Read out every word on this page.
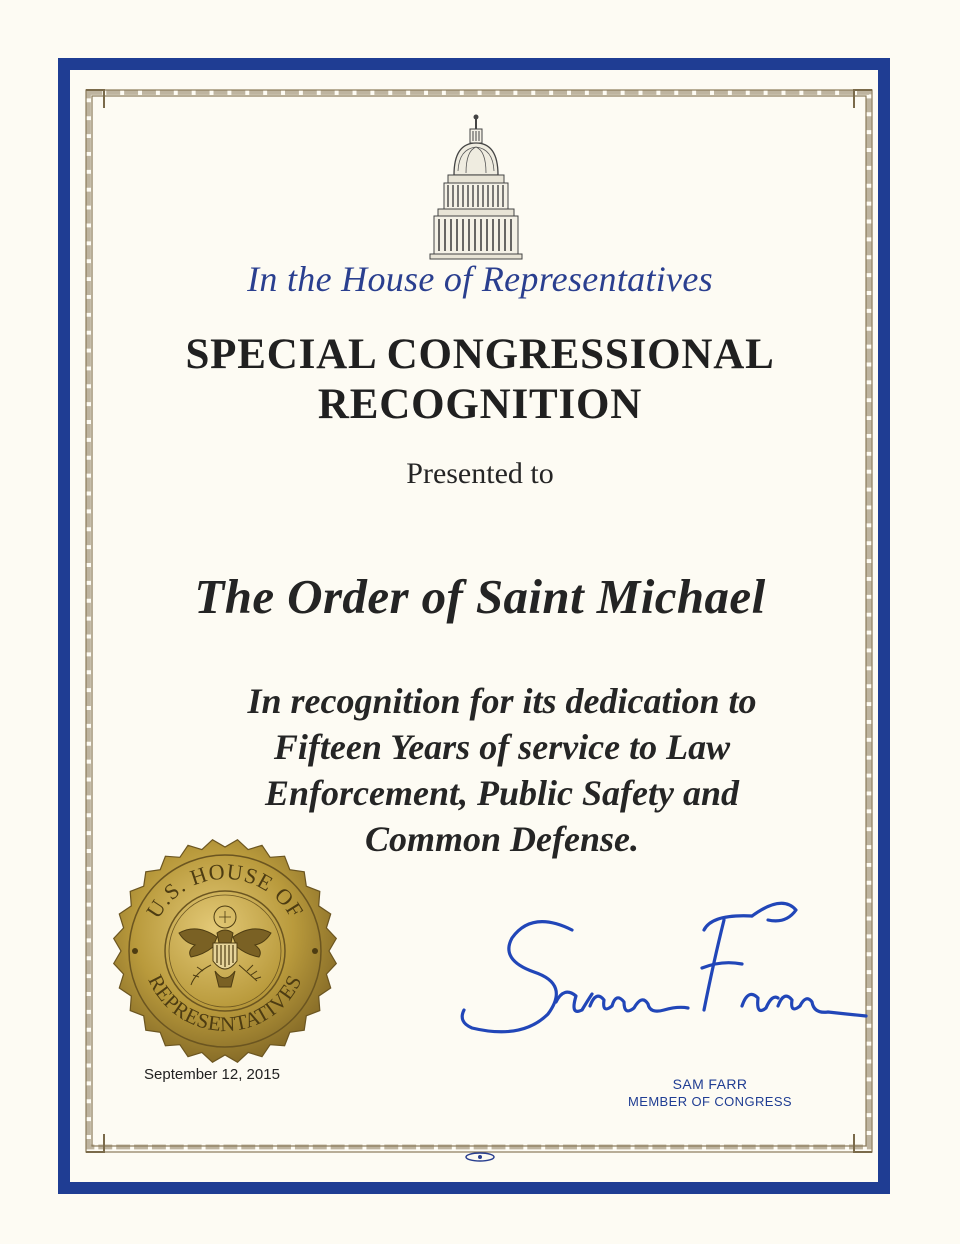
In the House of Representatives
SPECIAL CONGRESSIONAL
RECOGNITION
Presented to
The Order of Saint Michael
In recognition for its dedication to
Fifteen Years of service to Law
Enforcement, Public Safety and
Common Defense.
U.S. HOUSE OF
REPRESENTATIVES
September 12, 2015
SAM FARR
MEMBER OF CONGRESS
